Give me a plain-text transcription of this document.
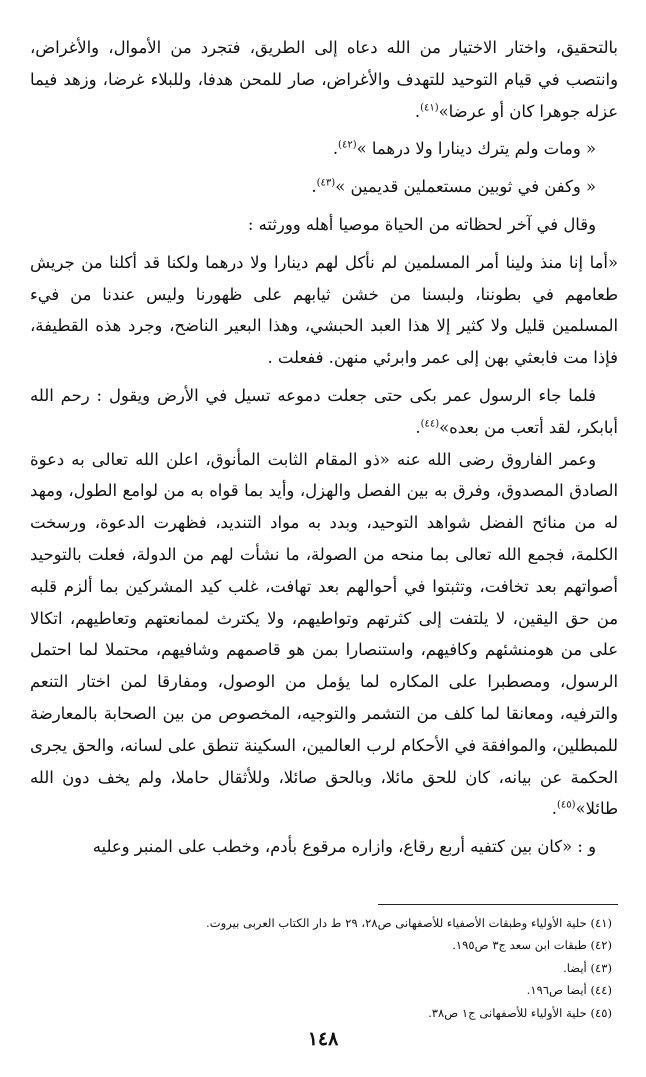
بالتحقيق، واختار الاختيار من الله دعاه إلى الطريق، فتجرد من الأموال، والأغراض، وانتصب في قيام التوحيد للتهدف والأغراض، صار للمحن هدفا، وللبلاء غرضا، وزهد فيما عزله جوهرا كان أو عرضا»$^{(٤١)}$.

« ومات ولم يترك دينارا ولا درهما »$^{(٤٢)}$.

« وكفن في ثوبين مستعملين قديمين »$^{(٤٣)}$.

وقال في آخر لحظاته من الحياة موصيا أهله وورثته :

«أما إنا منذ ولينا أمر المسلمين لم نأكل لهم دينارا ولا درهما ولكنا قد أكلنا من جريش طعامهم في بطوننا، ولبسنا من خشن ثيابهم على ظهورنا وليس عندنا من فيء المسلمين قليل ولا كثير إلا هذا العبد الحبشي، وهذا البعير الناضح، وجرد هذه القطيفة، فإذا مت فابعثي بهن إلى عمر وابرئي منهن. ففعلت .

فلما جاء الرسول عمر بكى حتى جعلت دموعه تسيل في الأرض ويقول : رحم الله أبابكر، لقد أتعب من بعده»$^{(٤٤)}$.

وعمر الفاروق رضى الله عنه «ذو المقام الثابت المأنوق، اعلن الله تعالى به دعوة الصادق المصدوق، وفرق به بين الفصل والهزل، وأيد بما قواه به من لوامع الطول، ومهد له من منائح الفضل شواهد التوحيد، وبدد به مواد التنديد، فظهرت الدعوة، ورسخت الكلمة، فجمع الله تعالى بما منحه من الصولة، ما نشأت لهم من الدولة، فعلت بالتوحيد أصواتهم بعد تخافت، وتثبتوا في أحوالهم بعد تهافت، غلب كيد المشركين بما ألزم قلبه من حق اليقين، لا يلتفت إلى كثرتهم وتواطيهم، ولا يكترث لممانعتهم وتعاطيهم، اتكالا على من هومنشئهم وكافيهم، واستنصارا بمن هو قاصمهم وشافيهم، محتملا لما احتمل الرسول، ومصطبرا على المكاره لما يؤمل من الوصول، ومفارقا لمن اختار التنعم والترفيه، ومعانقا لما كلف من التشمر والتوجيه، المخصوص من بين الصحابة بالمعارضة للمبطلين، والموافقة في الأحكام لرب العالمين، السكينة تنطق على لسانه، والحق يجرى الحكمة عن بيانه، كان للحق مائلا، وبالحق صائلا، وللأثقال حاملا، ولم يخف دون الله طائلا»$^{(٤٥)}$.

و : «كان بين كتفيه أربع رقاع، وازاره مرقوع بأدم، وخطب على المنبر وعليه

(٤١) حلية الأولياء وطبقات الأصفياء للأصفهانى ص٢٨، ٢٩ ط دار الكتاب العربى بيروت.
(٤٢) طبقات ابن سعد ج٣ ص١٩٥.
(٤٣) أيضا.
(٤٤) أيضا ص١٩٦.
(٤٥) حلية الأولياء للأصفهانى ج١ ص٣٨.
١٤٨
